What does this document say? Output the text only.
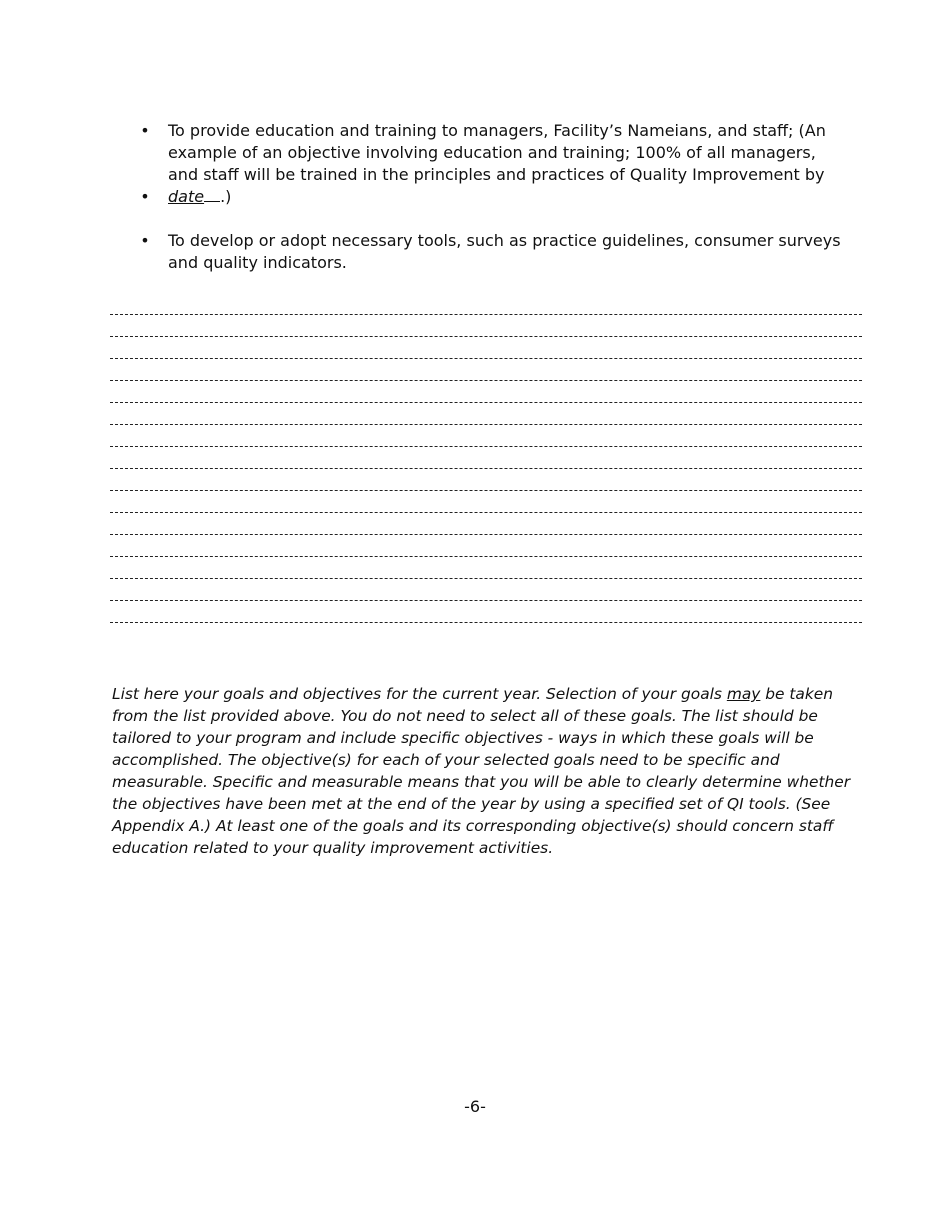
• To provide education and training to managers, Facility’s Nameians, and staff; (An
example of an objective involving education and training; 100% of all managers,
and staff will be trained in the principles and practices of Quality Improvement by
• date .)
• To develop or adopt necessary tools, such as practice guidelines, consumer surveys
and quality indicators.

List here your goals and objectives for the current year. Selection of your goals may be taken from the list provided above. You do not need to select all of these goals. The list should be tailored to your program and include specific objectives - ways in which these goals will be accomplished. The objective(s) for each of your selected goals need to be specific and measurable. Specific and measurable means that you will be able to clearly determine whether the objectives have been met at the end of the year by using a specified set of QI tools. (See Appendix A.) At least one of the goals and its corresponding objective(s) should concern staff education related to your quality improvement activities.

-6-
